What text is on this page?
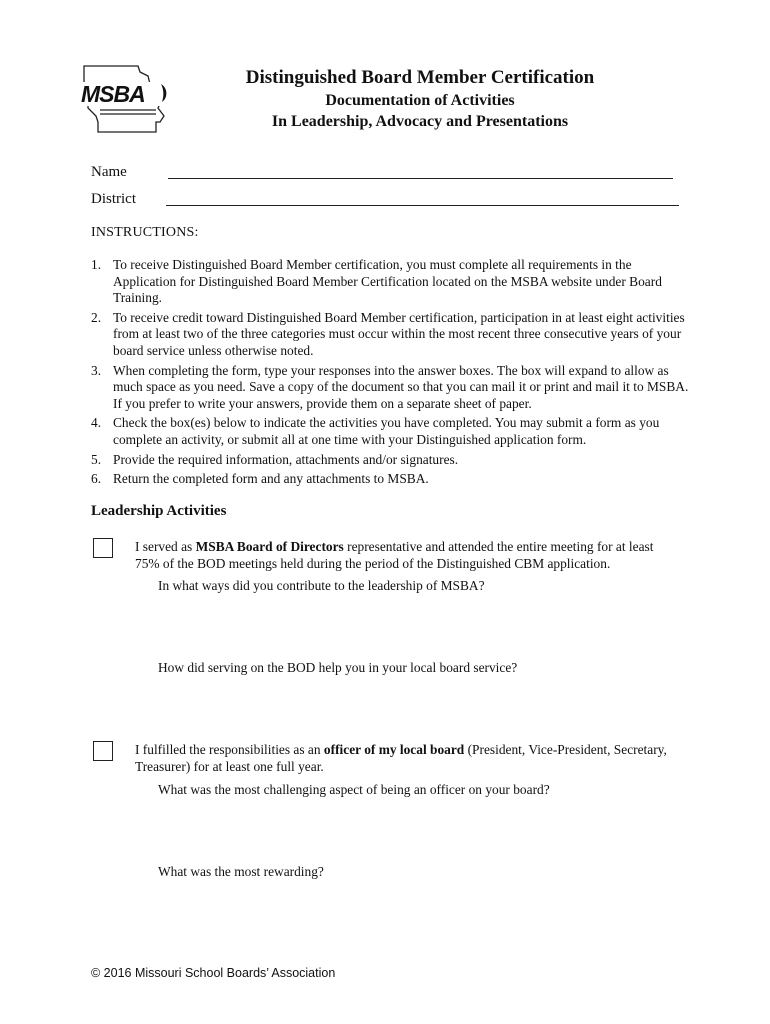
MSBA

Distinguished Board Member Certification

Documentation of Activities

In Leadership, Advocacy and Presentations

Name
District
INSTRUCTIONS:
1. To receive Distinguished Board Member certification, you must complete all requirements in the Application for Distinguished Board Member Certification located on the MSBA website under Board Training.
2. To receive credit toward Distinguished Board Member certification, participation in at least eight activities from at least two of the three categories must occur within the most recent three consecutive years of your board service unless otherwise noted.
3. When completing the form, type your responses into the answer boxes. The box will expand to allow as much space as you need. Save a copy of the document so that you can mail it or print and mail it to MSBA. If you prefer to write your answers, provide them on a separate sheet of paper.
4. Check the box(es) below to indicate the activities you have completed. You may submit a form as you complete an activity, or submit all at one time with your Distinguished application form.
5. Provide the required information, attachments and/or signatures.
6. Return the completed form and any attachments to MSBA.
Leadership Activities
I served as MSBA Board of Directors representative and attended the entire meeting for at least 75% of the BOD meetings held during the period of the Distinguished CBM application.
In what ways did you contribute to the leadership of MSBA?
How did serving on the BOD help you in your local board service?
I fulfilled the responsibilities as an officer of my local board (President, Vice-President, Secretary, Treasurer) for at least one full year.
What was the most challenging aspect of being an officer on your board?
What was the most rewarding?
© 2016 Missouri School Boards’ Association
